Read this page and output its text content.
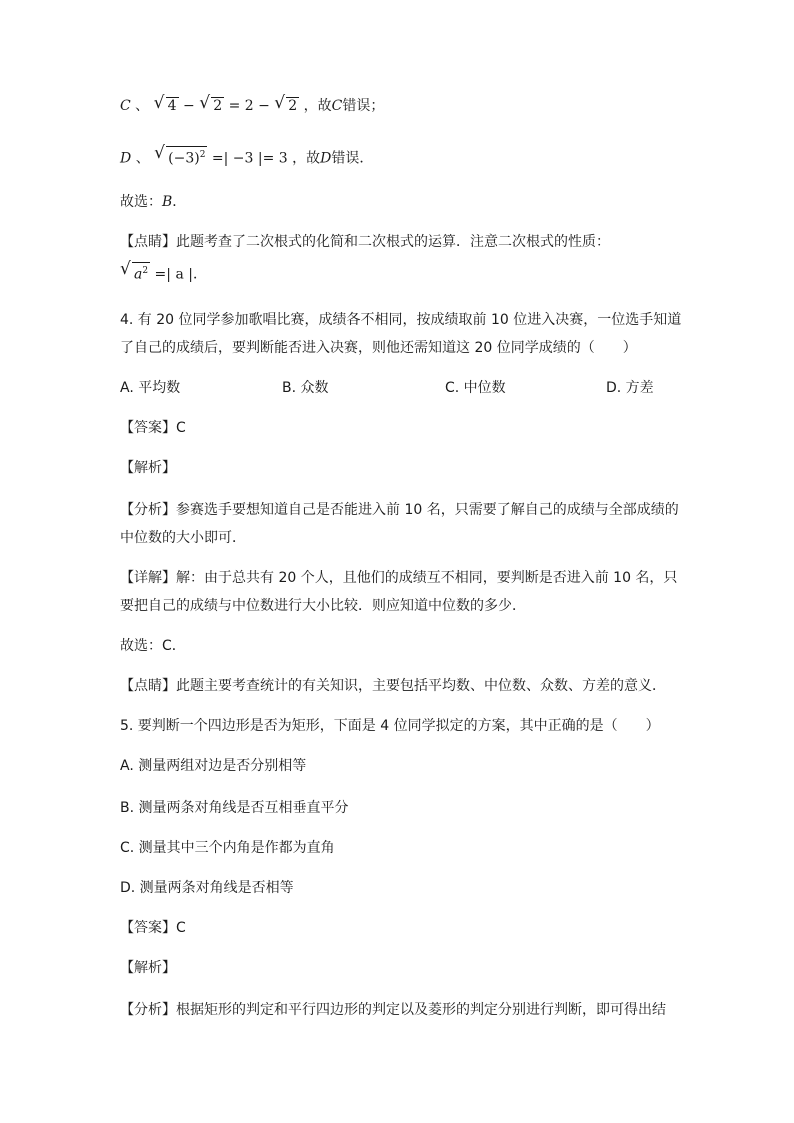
C 、 √ 4 − √ 2 = 2 − √ 2 ，故C错误；
D 、 √ $(-3)^2$ =| −3 |= 3 ，故D错误．
故选：B．
【点睛】此题考查了二次根式的化简和二次根式的运算．注意二次根式的性质：
√ $a^2$ =| a |．
4. 有 20 位同学参加歌唱比赛，成绩各不相同，按成绩取前 10 位进入决赛，一位选手知道
了自己的成绩后，要判断能否进入决赛，则他还需知道这 20 位同学成绩的（　　）
A. 平均数	B. 众数	C. 中位数	D. 方差
【答案】C
【解析】
【分析】参赛选手要想知道自己是否能进入前 10 名，只需要了解自己的成绩与全部成绩的
中位数的大小即可．
【详解】解：由于总共有 20 个人，且他们的成绩互不相同，要判断是否进入前 10 名，只
要把自己的成绩与中位数进行大小比较．则应知道中位数的多少．
故选：C．
【点睛】此题主要考查统计的有关知识，主要包括平均数、中位数、众数、方差的意义．
5. 要判断一个四边形是否为矩形，下面是 4 位同学拟定的方案，其中正确的是（　　）
A. 测量两组对边是否分别相等
B. 测量两条对角线是否互相垂直平分
C. 测量其中三个内角是作都为直角
D. 测量两条对角线是否相等
【答案】C
【解析】
【分析】根据矩形的判定和平行四边形的判定以及菱形的判定分别进行判断，即可得出结
